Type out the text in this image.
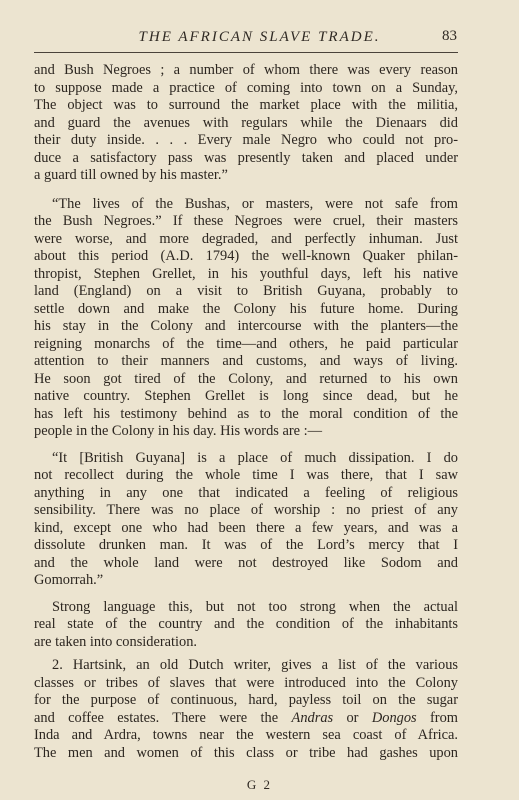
THE AFRICAN SLAVE TRADE.	83
and Bush Negroes ; a number of whom there was every reason
to suppose made a practice of coming into town on a Sunday,
The object was to surround the market place with the militia,
and guard the avenues with regulars while the Dienaars did
their duty inside. . . . Every male Negro who could not pro-
duce a satisfactory pass was presently taken and placed under
a guard till owned by his master.”
“The lives of the Bushas, or masters, were not safe from
the Bush Negroes.” If these Negroes were cruel, their masters
were worse, and more degraded, and perfectly inhuman. Just
about this period (A.D. 1794) the well-known Quaker philan-
thropist, Stephen Grellet, in his youthful days, left his native
land (England) on a visit to British Guyana, probably to
settle down and make the Colony his future home. During
his stay in the Colony and intercourse with the planters—the
reigning monarchs of the time—and others, he paid particular
attention to their manners and customs, and ways of living.
He soon got tired of the Colony, and returned to his own
native country. Stephen Grellet is long since dead, but he
has left his testimony behind as to the moral condition of the
people in the Colony in his day. His words are :—
“It [British Guyana] is a place of much dissipation. I do
not recollect during the whole time I was there, that I saw
anything in any one that indicated a feeling of religious
sensibility. There was no place of worship : no priest of any
kind, except one who had been there a few years, and was a
dissolute drunken man. It was of the Lord’s mercy that I
and the whole land were not destroyed like Sodom and
Gomorrah.”
Strong language this, but not too strong when the actual
real state of the country and the condition of the inhabitants
are taken into consideration.
2. Hartsink, an old Dutch writer, gives a list of the various
classes or tribes of slaves that were introduced into the Colony
for the purpose of continuous, hard, payless toil on the sugar
and coffee estates. There were the Andras or Dongos from
Inda and Ardra, towns near the western sea coast of Africa.
The men and women of this class or tribe had gashes upon
G 2
